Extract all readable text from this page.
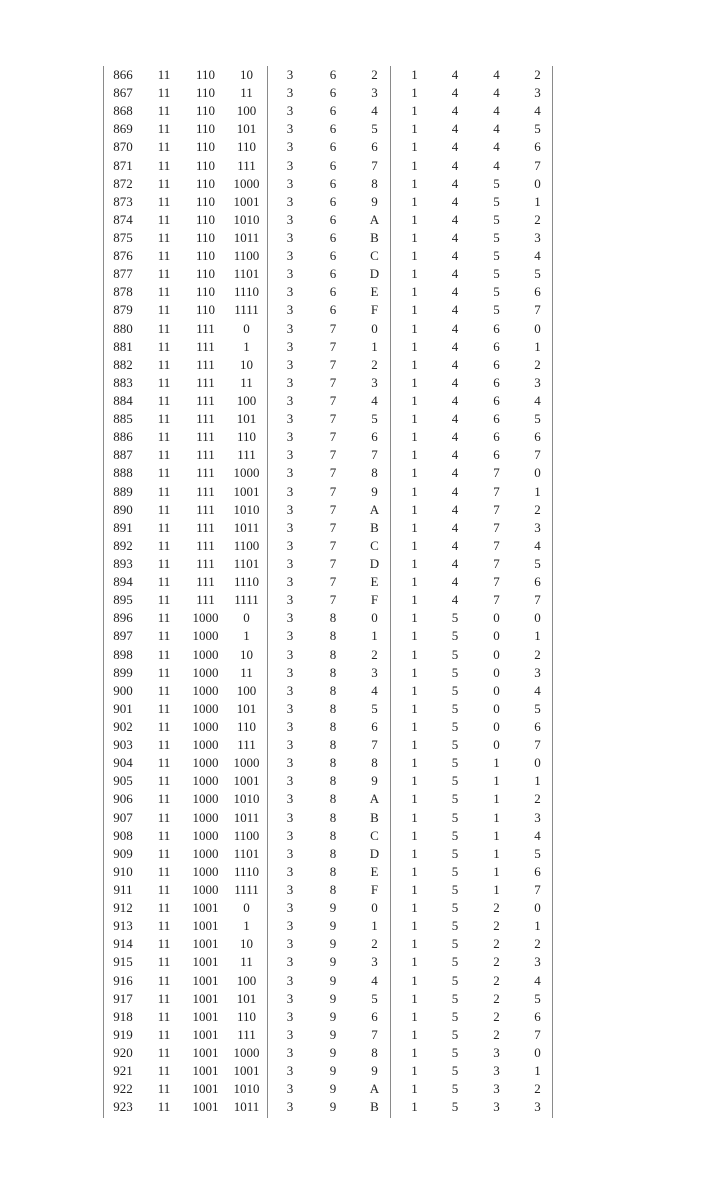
866	11	110	10	3	6	2	1	4	4	2
867	11	110	11	3	6	3	1	4	4	3
868	11	110	100	3	6	4	1	4	4	4
869	11	110	101	3	6	5	1	4	4	5
870	11	110	110	3	6	6	1	4	4	6
871	11	110	111	3	6	7	1	4	4	7
872	11	110	1000	3	6	8	1	4	5	0
873	11	110	1001	3	6	9	1	4	5	1
874	11	110	1010	3	6	A	1	4	5	2
875	11	110	1011	3	6	B	1	4	5	3
876	11	110	1100	3	6	C	1	4	5	4
877	11	110	1101	3	6	D	1	4	5	5
878	11	110	1110	3	6	E	1	4	5	6
879	11	110	1111	3	6	F	1	4	5	7
880	11	111	0	3	7	0	1	4	6	0
881	11	111	1	3	7	1	1	4	6	1
882	11	111	10	3	7	2	1	4	6	2
883	11	111	11	3	7	3	1	4	6	3
884	11	111	100	3	7	4	1	4	6	4
885	11	111	101	3	7	5	1	4	6	5
886	11	111	110	3	7	6	1	4	6	6
887	11	111	111	3	7	7	1	4	6	7
888	11	111	1000	3	7	8	1	4	7	0
889	11	111	1001	3	7	9	1	4	7	1
890	11	111	1010	3	7	A	1	4	7	2
891	11	111	1011	3	7	B	1	4	7	3
892	11	111	1100	3	7	C	1	4	7	4
893	11	111	1101	3	7	D	1	4	7	5
894	11	111	1110	3	7	E	1	4	7	6
895	11	111	1111	3	7	F	1	4	7	7
896	11	1000	0	3	8	0	1	5	0	0
897	11	1000	1	3	8	1	1	5	0	1
898	11	1000	10	3	8	2	1	5	0	2
899	11	1000	11	3	8	3	1	5	0	3
900	11	1000	100	3	8	4	1	5	0	4
901	11	1000	101	3	8	5	1	5	0	5
902	11	1000	110	3	8	6	1	5	0	6
903	11	1000	111	3	8	7	1	5	0	7
904	11	1000	1000	3	8	8	1	5	1	0
905	11	1000	1001	3	8	9	1	5	1	1
906	11	1000	1010	3	8	A	1	5	1	2
907	11	1000	1011	3	8	B	1	5	1	3
908	11	1000	1100	3	8	C	1	5	1	4
909	11	1000	1101	3	8	D	1	5	1	5
910	11	1000	1110	3	8	E	1	5	1	6
911	11	1000	1111	3	8	F	1	5	1	7
912	11	1001	0	3	9	0	1	5	2	0
913	11	1001	1	3	9	1	1	5	2	1
914	11	1001	10	3	9	2	1	5	2	2
915	11	1001	11	3	9	3	1	5	2	3
916	11	1001	100	3	9	4	1	5	2	4
917	11	1001	101	3	9	5	1	5	2	5
918	11	1001	110	3	9	6	1	5	2	6
919	11	1001	111	3	9	7	1	5	2	7
920	11	1001	1000	3	9	8	1	5	3	0
921	11	1001	1001	3	9	9	1	5	3	1
922	11	1001	1010	3	9	A	1	5	3	2
923	11	1001	1011	3	9	B	1	5	3	3
